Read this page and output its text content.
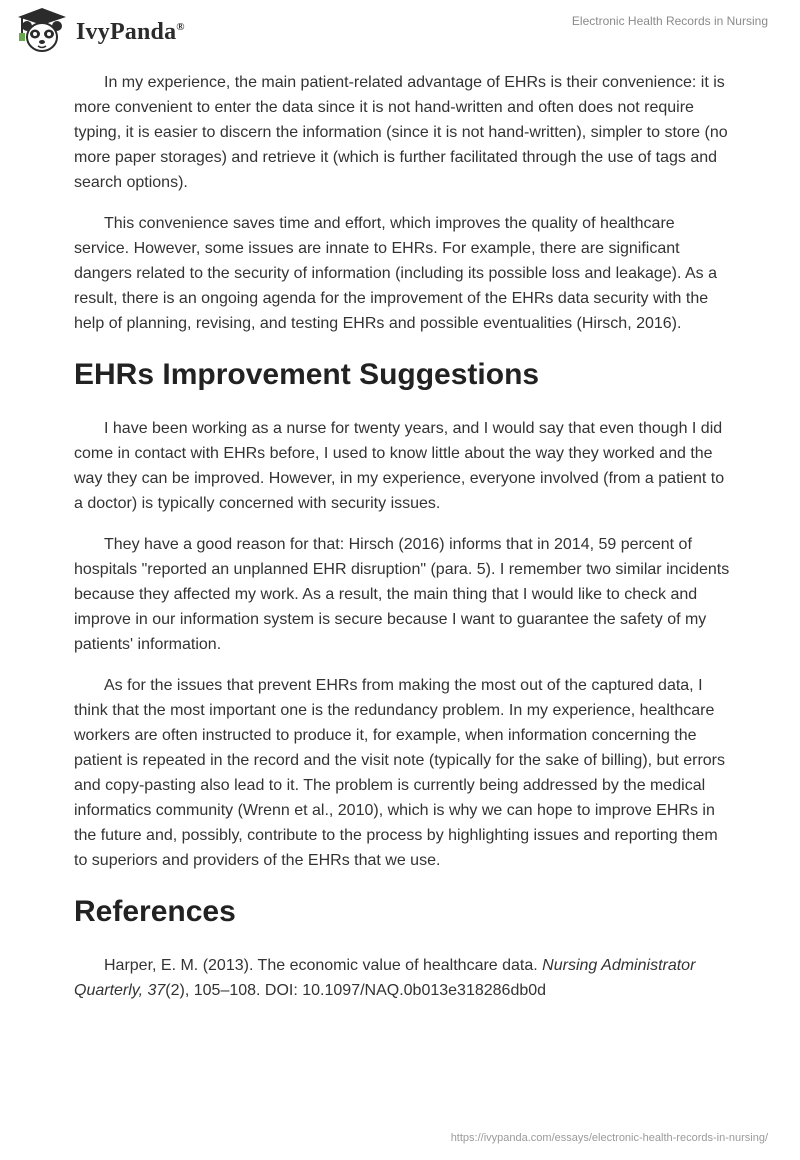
IvyPanda®	Electronic Health Records in Nursing

In my experience, the main patient-related advantage of EHRs is their convenience: it is more convenient to enter the data since it is not hand-written and often does not require typing, it is easier to discern the information (since it is not hand-written), simpler to store (no more paper storages) and retrieve it (which is further facilitated through the use of tags and search options).

This convenience saves time and effort, which improves the quality of healthcare service. However, some issues are innate to EHRs. For example, there are significant dangers related to the security of information (including its possible loss and leakage). As a result, there is an ongoing agenda for the improvement of the EHRs data security with the help of planning, revising, and testing EHRs and possible eventualities (Hirsch, 2016).

EHRs Improvement Suggestions

I have been working as a nurse for twenty years, and I would say that even though I did come in contact with EHRs before, I used to know little about the way they worked and the way they can be improved. However, in my experience, everyone involved (from a patient to a doctor) is typically concerned with security issues.

They have a good reason for that: Hirsch (2016) informs that in 2014, 59 percent of hospitals "reported an unplanned EHR disruption" (para. 5). I remember two similar incidents because they affected my work. As a result, the main thing that I would like to check and improve in our information system is secure because I want to guarantee the safety of my patients' information.

As for the issues that prevent EHRs from making the most out of the captured data, I think that the most important one is the redundancy problem. In my experience, healthcare workers are often instructed to produce it, for example, when information concerning the patient is repeated in the record and the visit note (typically for the sake of billing), but errors and copy-pasting also lead to it. The problem is currently being addressed by the medical informatics community (Wrenn et al., 2010), which is why we can hope to improve EHRs in the future and, possibly, contribute to the process by highlighting issues and reporting them to superiors and providers of the EHRs that we use.

References

Harper, E. M. (2013). The economic value of healthcare data. Nursing Administrator Quarterly, 37(2), 105–108. DOI: 10.1097/NAQ.0b013e318286db0d

https://ivypanda.com/essays/electronic-health-records-in-nursing/
